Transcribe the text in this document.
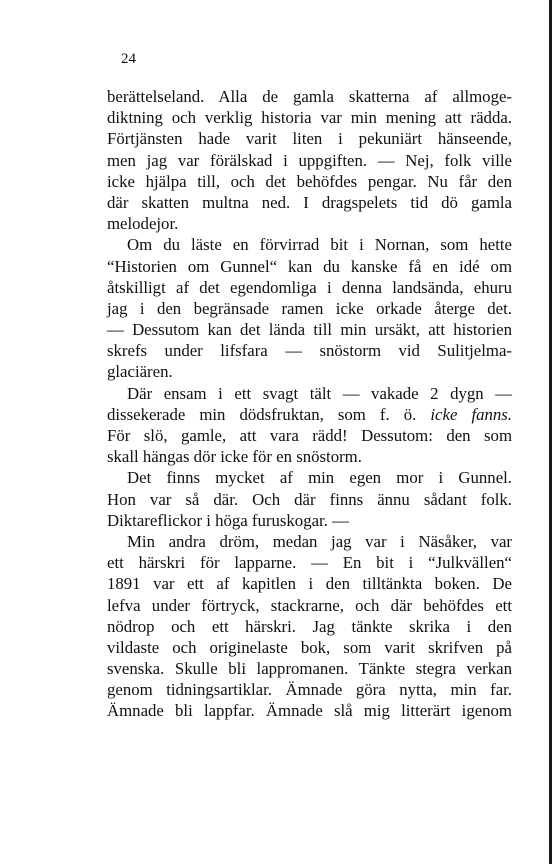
24
berättelseland. Alla de gamla skatterna af allmoge-
diktning och verklig historia var min mening att rädda.
Förtjänsten hade varit liten i pekuniärt hänseende,
men jag var förälskad i uppgiften. — Nej, folk ville
icke hjälpa till, och det behöfdes pengar. Nu får den
där skatten multna ned. I dragspelets tid dö gamla
melodejor.
Om du läste en förvirrad bit i Nornan, som hette
“Historien om Gunnel“ kan du kanske få en idé om
åtskilligt af det egendomliga i denna landsända, ehuru
jag i den begränsade ramen icke orkade återge det.
— Dessutom kan det lända till min ursäkt, att historien
skrefs under lifsfara — snöstorm vid Sulitjelma-
glaciären.
Där ensam i ett svagt tält — vakade 2 dygn —
dissekerade min dödsfruktan, som f. ö. icke fanns.
För slö, gamle, att vara rädd! Dessutom: den som
skall hängas dör icke för en snöstorm.
Det finns mycket af min egen mor i Gunnel.
Hon var så där. Och där finns ännu sådant folk.
Diktareflickor i höga furuskogar. —
Min andra dröm, medan jag var i Näsåker, var
ett härskri för lapparne. — En bit i “Julkvällen“
1891 var ett af kapitlen i den tilltänkta boken. De
lefva under förtryck, stackrarne, och där behöfdes ett
nödrop och ett härskri. Jag tänkte skrika i den
vildaste och originelaste bok, som varit skrifven på
svenska. Skulle bli lappromanen. Tänkte stegra verkan
genom tidningsartiklar. Ämnade göra nytta, min far.
Ämnade bli lappfar. Ämnade slå mig litterärt igenom
